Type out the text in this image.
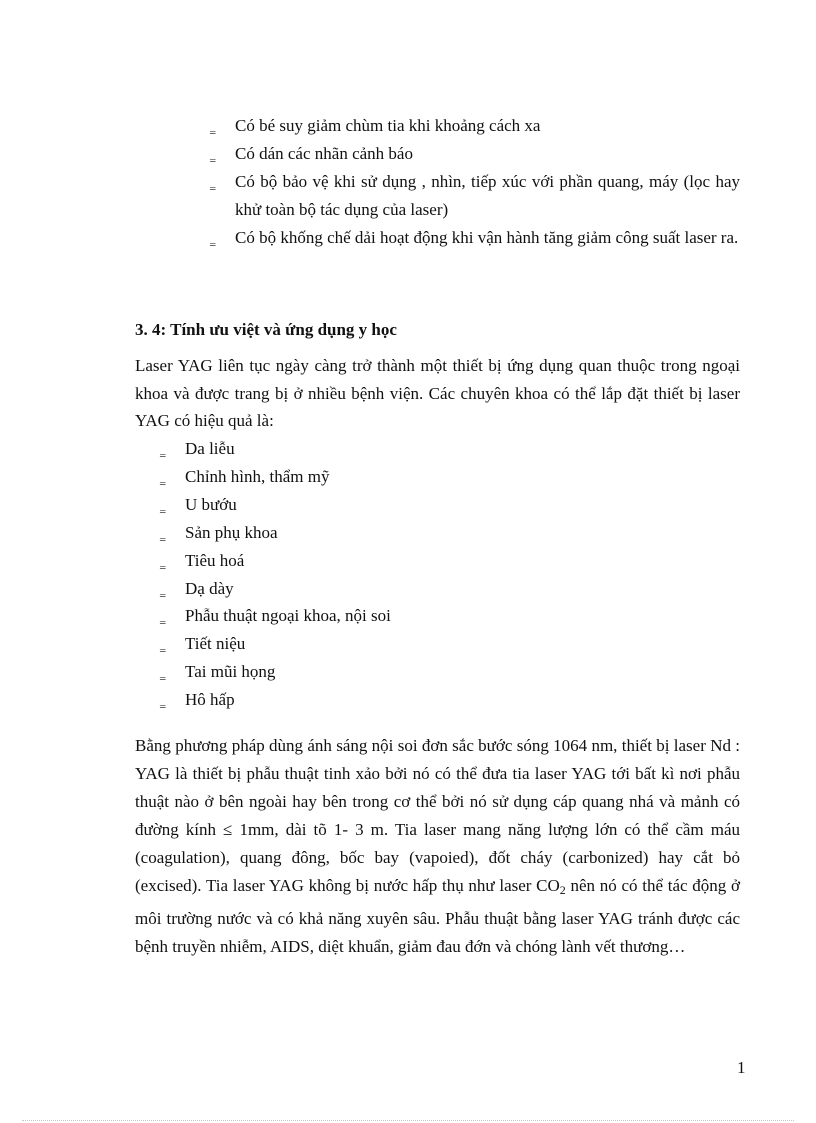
‗ Có bé suy giảm chùm tia khi khoảng cách xa
‗ Có dán các nhãn cảnh báo
‗ Có bộ bảo vệ khi sử dụng , nhìn, tiếp xúc với phần quang, máy (lọc hay khử toàn bộ tác dụng của laser)
‗ Có bộ khống chế dải hoạt động khi vận hành tăng giảm công suất laser ra.
3. 4: Tính ưu việt và ứng dụng y học

Laser YAG liên tục ngày càng trở thành một thiết bị ứng dụng quan thuộc trong ngoại khoa và được trang bị ở nhiều bệnh viện. Các chuyên khoa có thể lắp đặt thiết bị laser YAG có hiệu quả là:

‗ Da liễu
‗ Chỉnh hình, thẩm mỹ
‗ U bướu
‗ Sản phụ khoa
‗ Tiêu hoá
‗ Dạ dày
‗ Phẫu thuật ngoại khoa, nội soi
‗ Tiết niệu
‗ Tai mũi họng
‗ Hô hấp

Bằng phương pháp dùng ánh sáng nội soi đơn sắc bước sóng 1064 nm, thiết bị laser Nd : YAG là thiết bị phẫu thuật tinh xảo bởi nó có thể đưa tia laser YAG tới bất kì nơi phẫu thuật nào ở bên ngoài hay bên trong cơ thể bởi nó sử dụng cáp quang nhá và mảnh có đường kính ≤ 1mm, dài tõ 1- 3 m. Tia laser mang năng lượng lớn có thể cầm máu (coagulation), quang đông, bốc bay (vapoied), đốt cháy (carbonized) hay cắt bỏ (excised). Tia laser YAG không bị nước hấp thụ như laser $CO_2$ nên nó có thể tác động ở môi trường nước và có khả năng xuyên sâu. Phẫu thuật bằng laser YAG tránh được các bệnh truyền nhiễm, AIDS, diệt khuẩn, giảm đau đớn và chóng lành vết thương…

1
